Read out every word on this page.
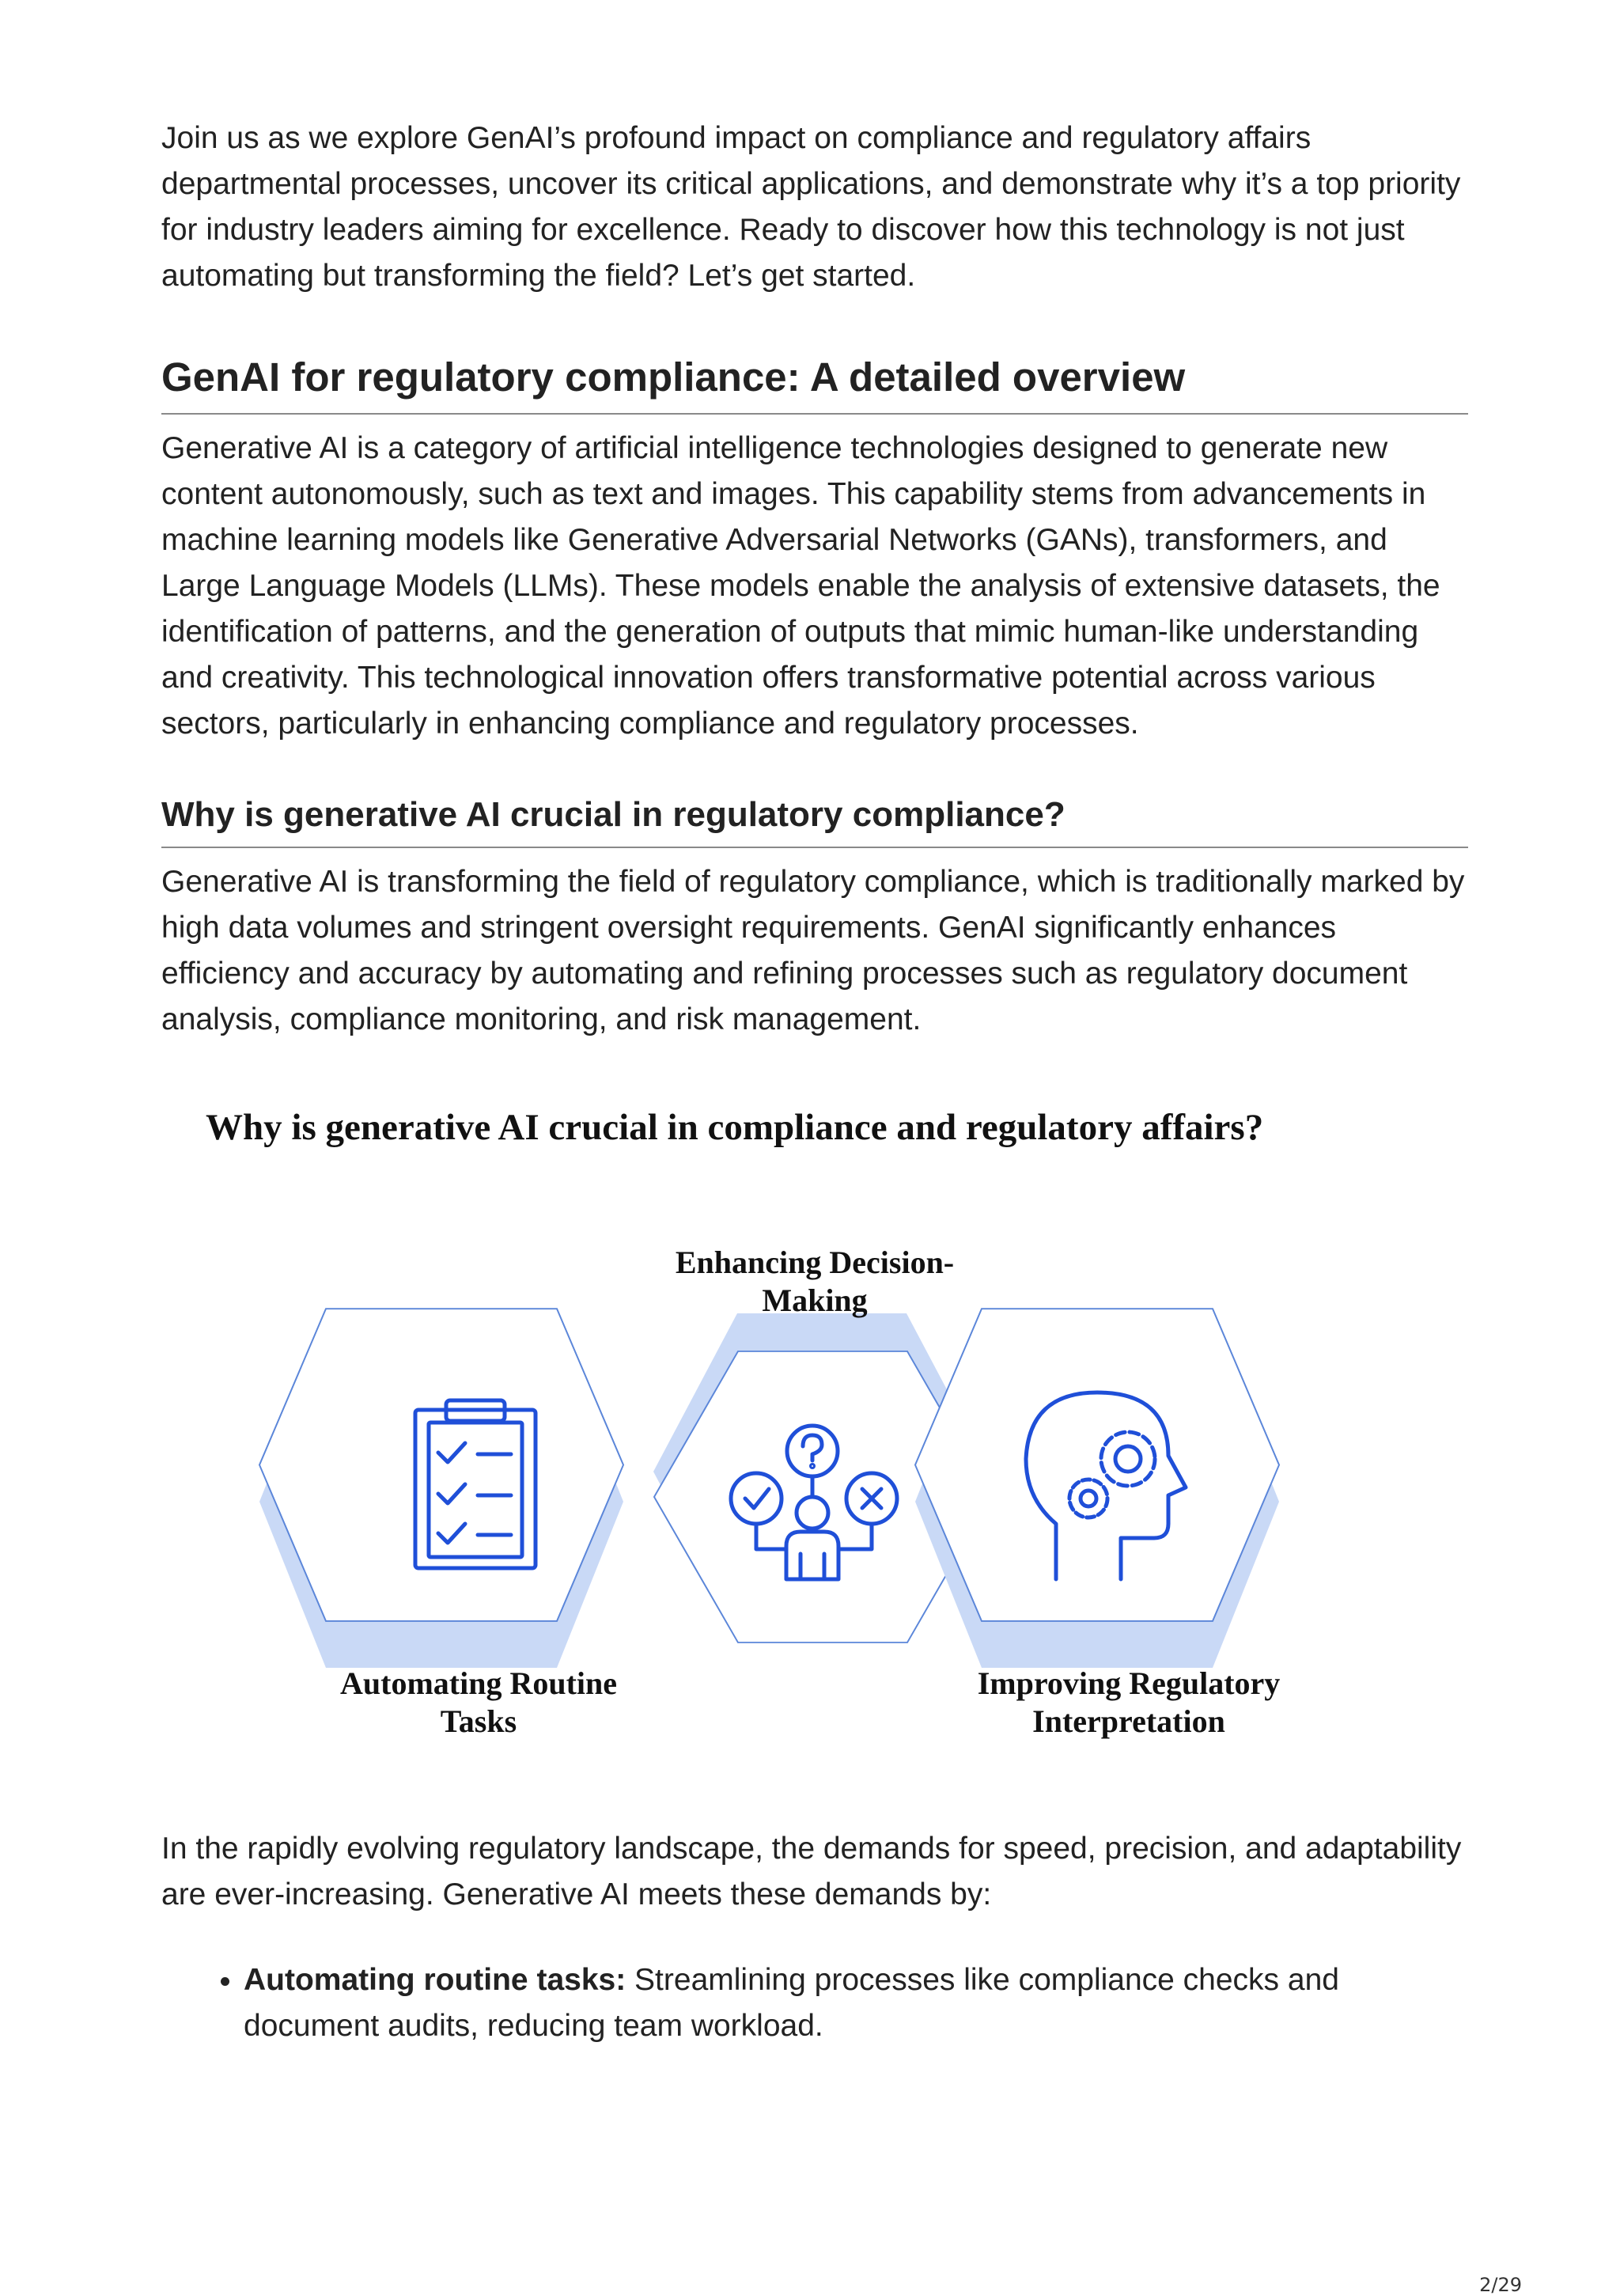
Join us as we explore GenAI’s profound impact on compliance and regulatory affairs departmental processes, uncover its critical applications, and demonstrate why it’s a top priority for industry leaders aiming for excellence. Ready to discover how this technology is not just automating but transforming the field? Let’s get started.

GenAI for regulatory compliance: A detailed overview

Generative AI is a category of artificial intelligence technologies designed to generate new content autonomously, such as text and images. This capability stems from advancements in machine learning models like Generative Adversarial Networks (GANs), transformers, and Large Language Models (LLMs). These models enable the analysis of extensive datasets, the identification of patterns, and the generation of outputs that mimic human-like understanding and creativity. This technological innovation offers transformative potential across various sectors, particularly in enhancing compliance and regulatory processes.

Why is generative AI crucial in regulatory compliance?

Generative AI is transforming the field of regulatory compliance, which is traditionally marked by high data volumes and stringent oversight requirements. GenAI significantly enhances efficiency and accuracy by automating and refining processes such as regulatory document analysis, compliance monitoring, and risk management.

Why is generative AI crucial in compliance and regulatory affairs?
Enhancing Decision-Making
Automating Routine Tasks
Improving Regulatory Interpretation

In the rapidly evolving regulatory landscape, the demands for speed, precision, and adaptability are ever-increasing. Generative AI meets these demands by:

• Automating routine tasks: Streamlining processes like compliance checks and document audits, reducing team workload.
2/29
